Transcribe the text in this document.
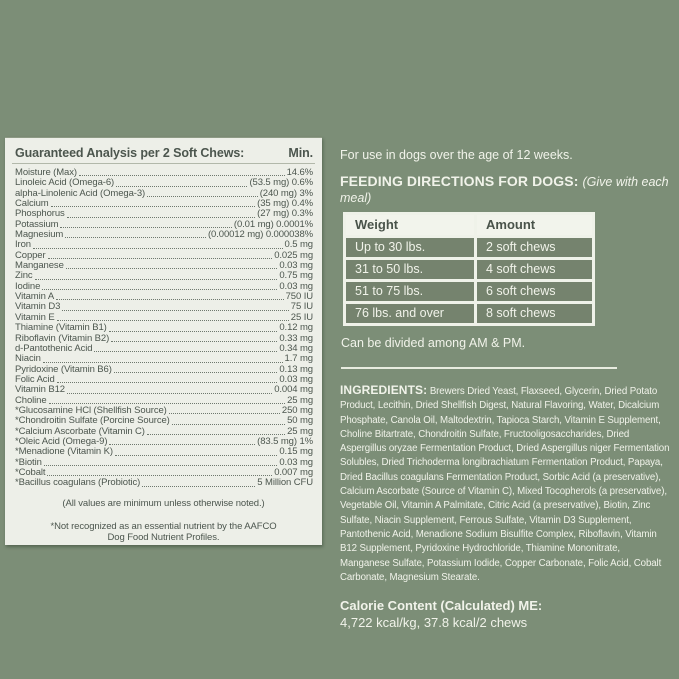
Guaranteed Analysis per 2 Soft Chews:	Min.
Moisture (Max)	14.6%
Linoleic Acid (Omega-6)	(53.5 mg) 0.6%
alpha-Linolenic Acid (Omega-3)	(240 mg) 3%
Calcium	(35 mg) 0.4%
Phosphorus	(27 mg) 0.3%
Potassium	(0.01 mg) 0.0001%
Magnesium	(0.00012 mg) 0.000038%
Iron	0.5 mg
Copper	0.025 mg
Manganese	0.03 mg
Zinc	0.75 mg
Iodine	0.03 mg
Vitamin A	750 IU
Vitamin D3	75 IU
Vitamin E	25 IU
Thiamine (Vitamin B1)	0.12 mg
Riboflavin (Vitamin B2)	0.33 mg
d-Pantothenic Acid	0.34 mg
Niacin	1.7 mg
Pyridoxine (Vitamin B6)	0.13 mg
Folic Acid	0.03 mg
Vitamin B12	0.004 mg
Choline	25 mg
*Glucosamine HCl (Shellfish Source)	250 mg
*Chondroitin Sulfate (Porcine Source)	50 mg
*Calcium Ascorbate (Vitamin C)	25 mg
*Oleic Acid (Omega-9)	(83.5 mg) 1%
*Menadione (Vitamin K)	0.15 mg
*Biotin	0.03 mg
*Cobalt	0.007 mg
*Bacillus coagulans (Probiotic)	5 Million CFU
(All values are minimum unless otherwise noted.)
*Not recognized as an essential nutrient by the AAFCO
Dog Food Nutrient Profiles.

For use in dogs over the age of 12 weeks.

FEEDING DIRECTIONS FOR DOGS: (Give with each meal)
Weight	Amount
Up to 30 lbs.	2 soft chews
31 to 50 lbs.	4 soft chews
51 to 75 lbs.	6 soft chews
76 lbs. and over	8 soft chews

Can be divided among AM & PM.

INGREDIENTS: Brewers Dried Yeast, Flaxseed, Glycerin, Dried Potato Product, Lecithin, Dried Shellfish Digest, Natural Flavoring, Water, Dicalcium Phosphate, Canola Oil, Maltodextrin, Tapioca Starch, Vitamin E Supplement, Choline Bitartrate, Chondroitin Sulfate, Fructooligosaccharides, Dried Aspergillus oryzae Fermentation Product, Dried Aspergillus niger Fermentation Solubles, Dried Trichoderma longibrachiatum Fermentation Product, Papaya, Dried Bacillus coagulans Fermentation Product, Sorbic Acid (a preservative), Calcium Ascorbate (Source of Vitamin C), Mixed Tocopherols (a preservative), Vegetable Oil, Vitamin A Palmitate, Citric Acid (a preservative), Biotin, Zinc Sulfate, Niacin Supplement, Ferrous Sulfate, Vitamin D3 Supplement, Pantothenic Acid, Menadione Sodium Bisulfite Complex, Riboflavin, Vitamin B12 Supplement, Pyridoxine Hydrochloride, Thiamine Mononitrate, Manganese Sulfate, Potassium Iodide, Copper Carbonate, Folic Acid, Cobalt Carbonate, Magnesium Stearate.

Calorie Content (Calculated) ME:

4,722 kcal/kg, 37.8 kcal/2 chews
